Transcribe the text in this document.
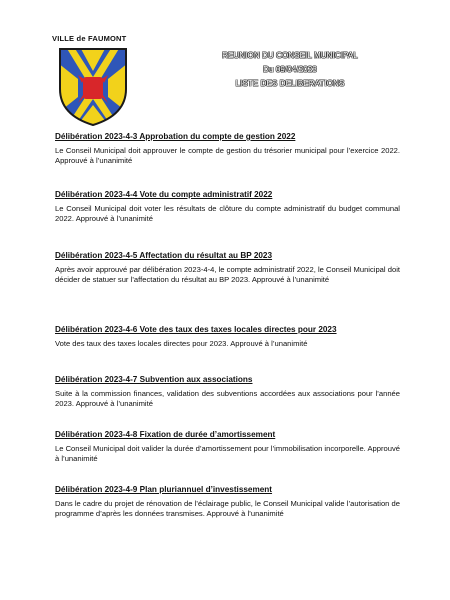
VILLE de FAUMONT
REUNION DU CONSEIL MUNICIPAL
Du 09/04/2023
LISTE DES DELIBERATIONS
Délibération 2023-4-3 Approbation du compte de gestion 2022
Le Conseil Municipal doit approuver le compte de gestion du trésorier municipal pour l’exercice 2022. Approuvé à l’unanimité
Délibération 2023-4-4 Vote du compte administratif 2022
Le Conseil Municipal doit voter les résultats de clôture du compte administratif du budget communal 2022. Approuvé à l’unanimité
Délibération 2023-4-5 Affectation du résultat au BP 2023
Après avoir approuvé par délibération 2023-4-4, le compte administratif 2022, le Conseil Municipal doit décider de statuer sur l’affectation du résultat au BP 2023. Approuvé à l’unanimité
Délibération 2023-4-6 Vote des taux des taxes locales directes pour 2023
Vote des taux des taxes locales directes pour 2023. Approuvé à l’unanimité
Délibération 2023-4-7 Subvention aux associations
Suite à la commission finances, validation des subventions accordées aux associations pour l’année 2023. Approuvé à l’unanimité
Délibération 2023-4-8 Fixation de durée d’amortissement
Le Conseil Municipal doit valider la durée d’amortissement pour l’immobilisation incorporelle. Approuvé à l’unanimité
Délibération 2023-4-9 Plan pluriannuel d’investissement
Dans le cadre du projet de rénovation de l’éclairage public, le Conseil Municipal valide l’autorisation de programme d’après les données transmises. Approuvé à l’unanimité
